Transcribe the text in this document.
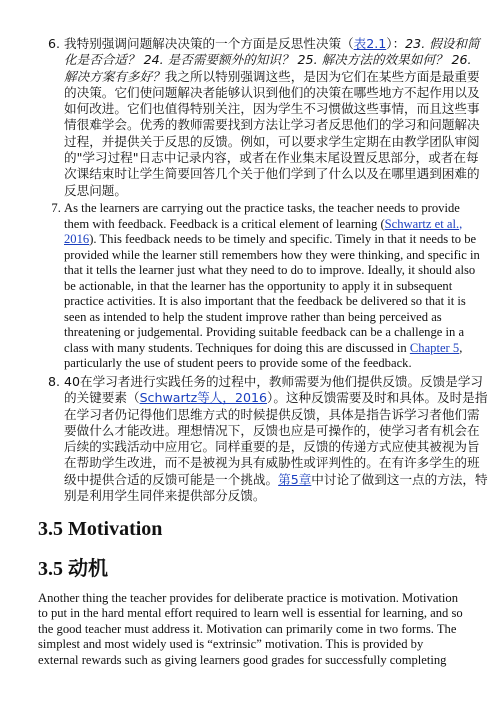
6. 我特别强调问题解决决策的一个方面是反思性决策（表2.1）：23. 假设和简化是否合适？ 24. 是否需要额外的知识？ 25. 解决方法的效果如何？ 26. 解决方案有多好？我之所以特别强调这些，是因为它们在某些方面是最重要的决策。它们使问题解决者能够认识到他们的决策在哪些地方不起作用以及如何改进。它们也值得特别关注，因为学生不习惯做这些事情，而且这些事情很难学会。优秀的教师需要找到方法让学习者反思他们的学习和问题解决过程，并提供关于反思的反馈。例如，可以要求学生定期在由教学团队审阅的"学习过程"日志中记录内容，或者在作业集末尾设置反思部分，或者在每次课结束时让学生简要回答几个关于他们学到了什么以及在哪里遇到困难的反思问题。
7. As the learners are carrying out the practice tasks, the teacher needs to provide them with feedback. Feedback is a critical element of learning (Schwartz et al., 2016). This feedback needs to be timely and specific. Timely in that it needs to be provided while the learner still remembers how they were thinking, and specific in that it tells the learner just what they need to do to improve. Ideally, it should also be actionable, in that the learner has the opportunity to apply it in subsequent practice activities. It is also important that the feedback be delivered so that it is seen as intended to help the student improve rather than being perceived as threatening or judgemental. Providing suitable feedback can be a challenge in a class with many students. Techniques for doing this are discussed in Chapter 5, particularly the use of student peers to provide some of the feedback.
8. 40在学习者进行实践任务的过程中，教师需要为他们提供反馈。反馈是学习的关键要素（Schwartz等人，2016）。这种反馈需要及时和具体。及时是指在学习者仍记得他们思维方式的时候提供反馈，具体是指告诉学习者他们需要做什么才能改进。理想情况下，反馈也应是可操作的，使学习者有机会在后续的实践活动中应用它。同样重要的是，反馈的传递方式应使其被视为旨在帮助学生改进，而不是被视为具有威胁性或评判性的。在有许多学生的班级中提供合适的反馈可能是一个挑战。第5章中讨论了做到这一点的方法，特别是利用学生同伴来提供部分反馈。
3.5 Motivation
3.5 动机

Another thing the teacher provides for deliberate practice is motivation. Motivation to put in the hard mental effort required to learn well is essential for learning, and so the good teacher must address it. Motivation can primarily come in two forms. The simplest and most widely used is “extrinsic” motivation. This is provided by external rewards such as giving learners good grades for successfully completing
